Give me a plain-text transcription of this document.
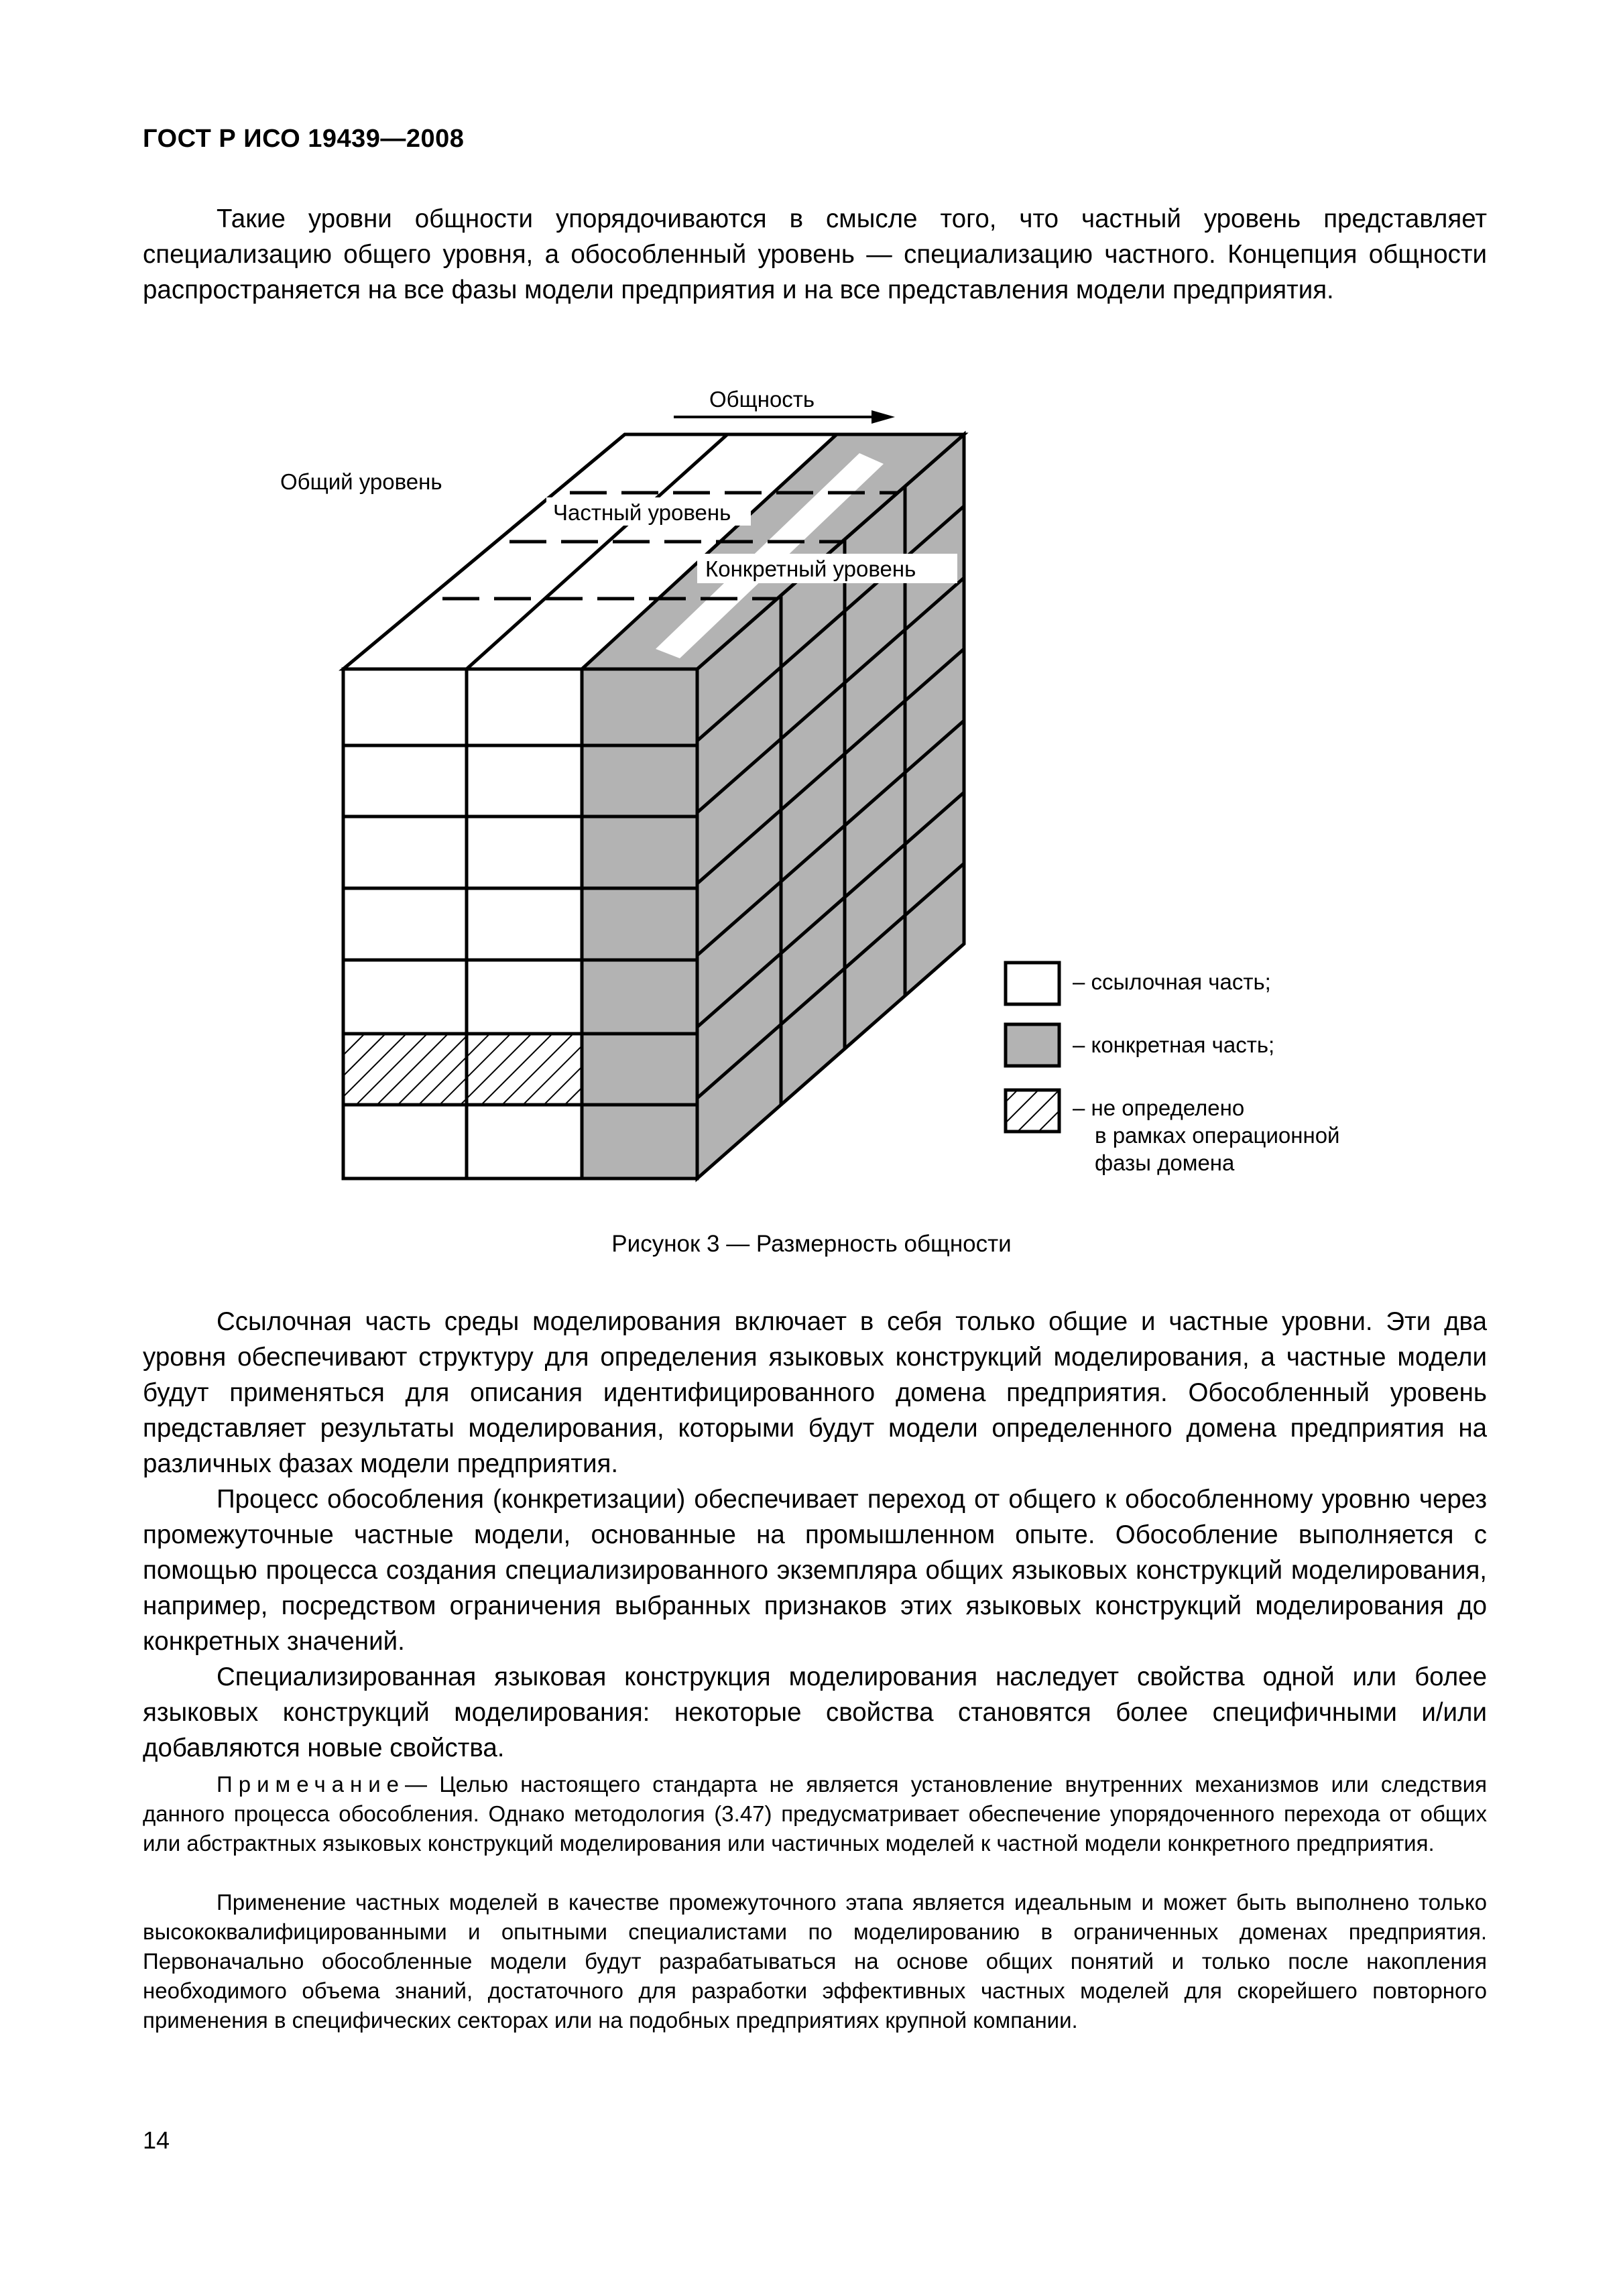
ГОСТ Р ИСО 19439—2008

Такие уровни общности упорядочиваются в смысле того, что частный уровень представляет специализацию общего уровня, а обособленный уровень — специализацию частного. Концепция общности распространяется на все фазы модели предприятия и на все представления модели предприятия.

Общность
Общий уровень
Частный уровень
Конкретный уровень
– ссылочная часть;
– конкретная часть;
– не определено
в рамках операционной
фазы домена
Рисунок 3 — Размерность общности

Ссылочная часть среды моделирования включает в себя только общие и частные уровни. Эти два уровня обеспечивают структуру для определения языковых конструкций моделирования, а частные модели будут применяться для описания идентифицированного домена предприятия. Обособленный уровень представляет результаты моделирования, которыми будут модели определенного домена предприятия на различных фазах модели предприятия.

Процесс обособления (конкретизации) обеспечивает переход от общего к обособленному уровню через промежуточные частные модели, основанные на промышленном опыте. Обособление выполняется с помощью процесса создания специализированного экземпляра общих языковых конструкций моделирования, например, посредством ограничения выбранных признаков этих языковых конструкций моделирования до конкретных значений.

Специализированная языковая конструкция моделирования наследует свойства одной или более языковых конструкций моделирования: некоторые свойства становятся более специфичными и/или добавляются новые свойства.

Примечание— Целью настоящего стандарта не является установление внутренних механизмов или следствия данного процесса обособления. Однако методология (3.47) предусматривает обеспечение упорядоченного перехода от общих или абстрактных языковых конструкций моделирования или частичных моделей к частной модели конкретного предприятия.

Применение частных моделей в качестве промежуточного этапа является идеальным и может быть выполнено только высококвалифицированными и опытными специалистами по моделированию в ограниченных доменах предприятия. Первоначально обособленные модели будут разрабатываться на основе общих понятий и только после накопления необходимого объема знаний, достаточного для разработки эффективных частных моделей для скорейшего повторного применения в специфических секторах или на подобных предприятиях крупной компании.

14
